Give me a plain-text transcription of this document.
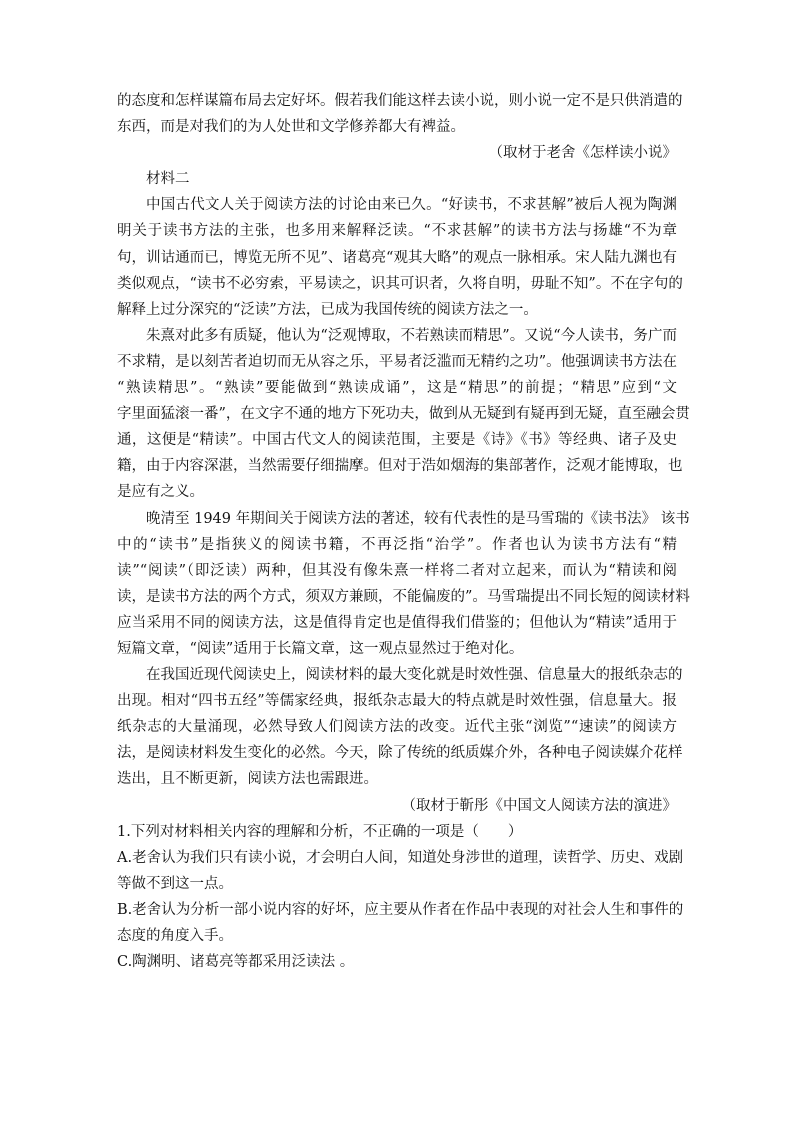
的态度和怎样谋篇布局去定好坏。假若我们能这样去读小说，则小说一定不是只供消遣的
东西，而是对我们的为人处世和文学修养都大有裨益。
（取材于老舍《怎样读小说》
材料二
中国古代文人关于阅读方法的讨论由来已久。“好读书，不求甚解”被后人视为陶渊
明关于读书方法的主张，也多用来解释泛读。“不求甚解”的读书方法与扬雄“不为章
句，训诂通而已，博览无所不见”、诸葛亮“观其大略”的观点一脉相承。宋人陆九渊也有
类似观点，“读书不必穷索，平易读之，识其可识者，久将自明，毋耻不知”。不在字句的
解释上过分深究的“泛读”方法，已成为我国传统的阅读方法之一。
朱熹对此多有质疑，他认为“泛观博取，不若熟读而精思”。又说“今人读书，务广而
不求精，是以刻苦者迫切而无从容之乐，平易者泛滥而无精约之功”。他强调读书方法在
“熟读精思”。“熟读”要能做到“熟读成诵”，这是“精思”的前提；“精思”应到“文
字里面猛滚一番”，在文字不通的地方下死功夫，做到从无疑到有疑再到无疑，直至融会贯
通，这便是“精读”。中国古代文人的阅读范围，主要是《诗》《书》等经典、诸子及史
籍，由于内容深湛，当然需要仔细揣摩。但对于浩如烟海的集部著作，泛观才能博取，也
是应有之义。
晚清至 1949 年期间关于阅读方法的著述，较有代表性的是马雪瑞的《读书法》 该书
中的“读书”是指狭义的阅读书籍，不再泛指“治学”。作者也认为读书方法有“精
读”“阅读”（即泛读）两种，但其没有像朱熹一样将二者对立起来，而认为“精读和阅
读，是读书方法的两个方式，须双方兼顾，不能偏废的”。马雪瑞提出不同长短的阅读材料
应当采用不同的阅读方法，这是值得肯定也是值得我们借鉴的；但他认为“精读”适用于
短篇文章，“阅读”适用于长篇文章，这一观点显然过于绝对化。
在我国近现代阅读史上，阅读材料的最大变化就是时效性强、信息量大的报纸杂志的
出现。相对“四书五经”等儒家经典，报纸杂志最大的特点就是时效性强，信息量大。报
纸杂志的大量涌现，必然导致人们阅读方法的改变。近代主张“浏览”“速读”的阅读方
法，是阅读材料发生变化的必然。今天，除了传统的纸质媒介外，各种电子阅读媒介花样
迭出，且不断更新，阅读方法也需跟进。
（取材于靳彤《中国文人阅读方法的演进》
1.下列对材料相关内容的理解和分析，不正确的一项是（　　）
A.老舍认为我们只有读小说，才会明白人间，知道处身涉世的道理，读哲学、历史、戏剧
等做不到这一点。
B.老舍认为分析一部小说内容的好坏，应主要从作者在作品中表现的对社会人生和事件的
态度的角度入手。
C.陶渊明、诸葛亮等都采用泛读法 。
